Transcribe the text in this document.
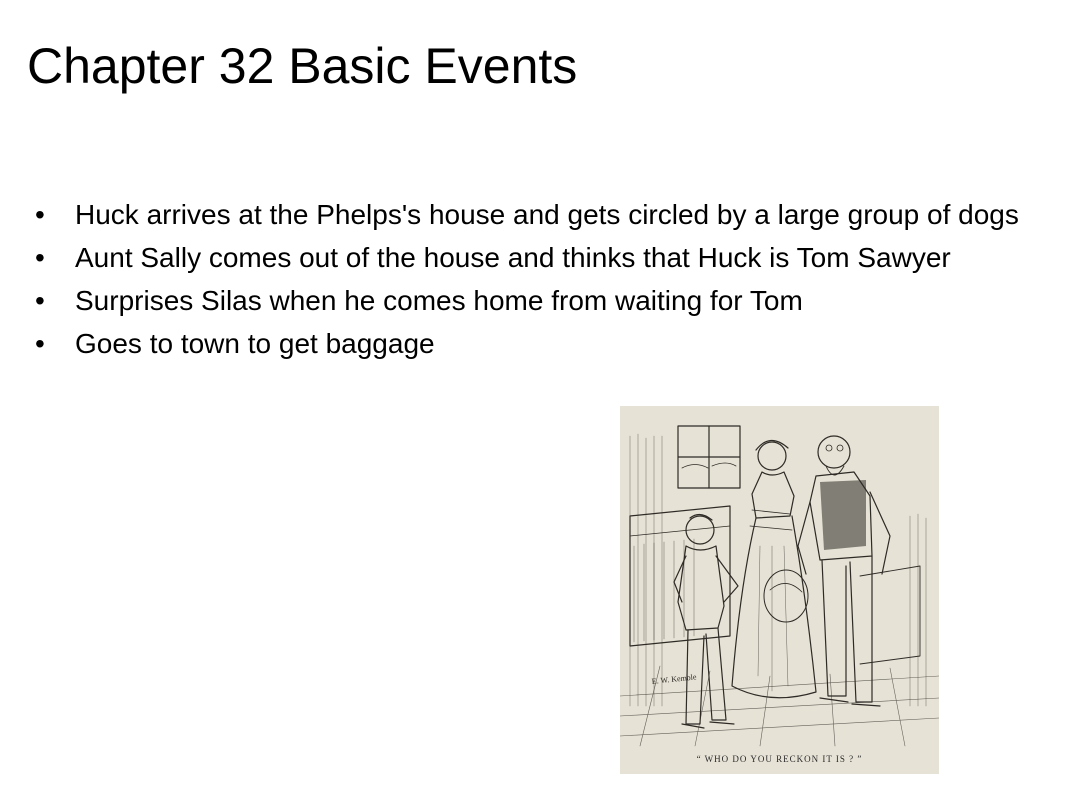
Chapter 32 Basic Events
• Huck arrives at the Phelps's house and gets circled by a large group of dogs
• Aunt Sally comes out of the house and thinks that Huck is Tom Sawyer
• Surprises Silas when he comes home from waiting for Tom
• Goes to town to get baggage
E. W. Kemble
“ WHO DO YOU RECKON IT IS ? ”
